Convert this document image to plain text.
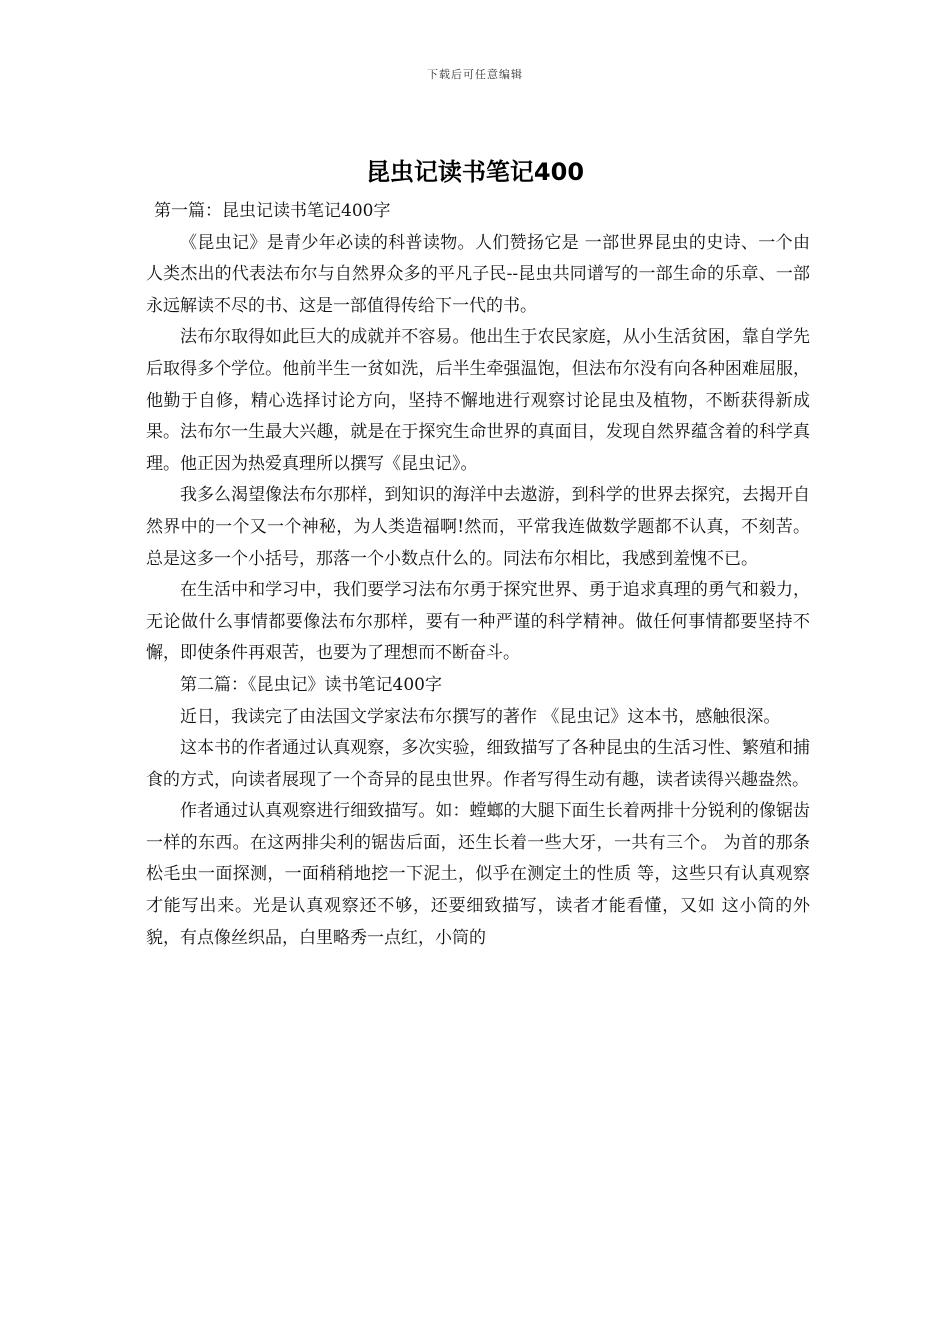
下载后可任意编辑
昆虫记读书笔记400

第一篇：昆虫记读书笔记400字

《昆虫记》是青少年必读的科普读物。人们赞扬它是 一部世界昆虫的史诗、一个由人类杰出的代表法布尔与自然界众多的平凡子民--昆虫共同谱写的一部生命的乐章、一部永远解读不尽的书、这是一部值得传给下一代的书。

法布尔取得如此巨大的成就并不容易。他出生于农民家庭，从小生活贫困，靠自学先后取得多个学位。他前半生一贫如洗，后半生牵强温饱，但法布尔没有向各种困难屈服，他勤于自修，精心选择讨论方向，坚持不懈地进行观察讨论昆虫及植物，不断获得新成果。法布尔一生最大兴趣，就是在于探究生命世界的真面目，发现自然界蕴含着的科学真理。他正因为热爱真理所以撰写《昆虫记》。

我多么渴望像法布尔那样，到知识的海洋中去遨游，到科学的世界去探究，去揭开自然界中的一个又一个神秘，为人类造福啊!然而，平常我连做数学题都不认真，不刻苦。总是这多一个小括号，那落一个小数点什么的。同法布尔相比，我感到羞愧不已。

在生活中和学习中，我们要学习法布尔勇于探究世界、勇于追求真理的勇气和毅力，无论做什么事情都要像法布尔那样，要有一种严谨的科学精神。做任何事情都要坚持不懈，即使条件再艰苦，也要为了理想而不断奋斗。

第二篇：《昆虫记》读书笔记400字

近日，我读完了由法国文学家法布尔撰写的著作 《昆虫记》这本书，感触很深。

这本书的作者通过认真观察，多次实验，细致描写了各种昆虫的生活习性、繁殖和捕食的方式，向读者展现了一个奇异的昆虫世界。作者写得生动有趣，读者读得兴趣盎然。

作者通过认真观察进行细致描写。如：螳螂的大腿下面生长着两排十分锐利的像锯齿一样的东西。在这两排尖利的锯齿后面，还生长着一些大牙，一共有三个。 为首的那条松毛虫一面探测，一面稍稍地挖一下泥土，似乎在测定土的性质 等，这些只有认真观察才能写出来。光是认真观察还不够，还要细致描写，读者才能看懂，又如 这小筒的外貌，有点像丝织品，白里略秀一点红，小筒的
